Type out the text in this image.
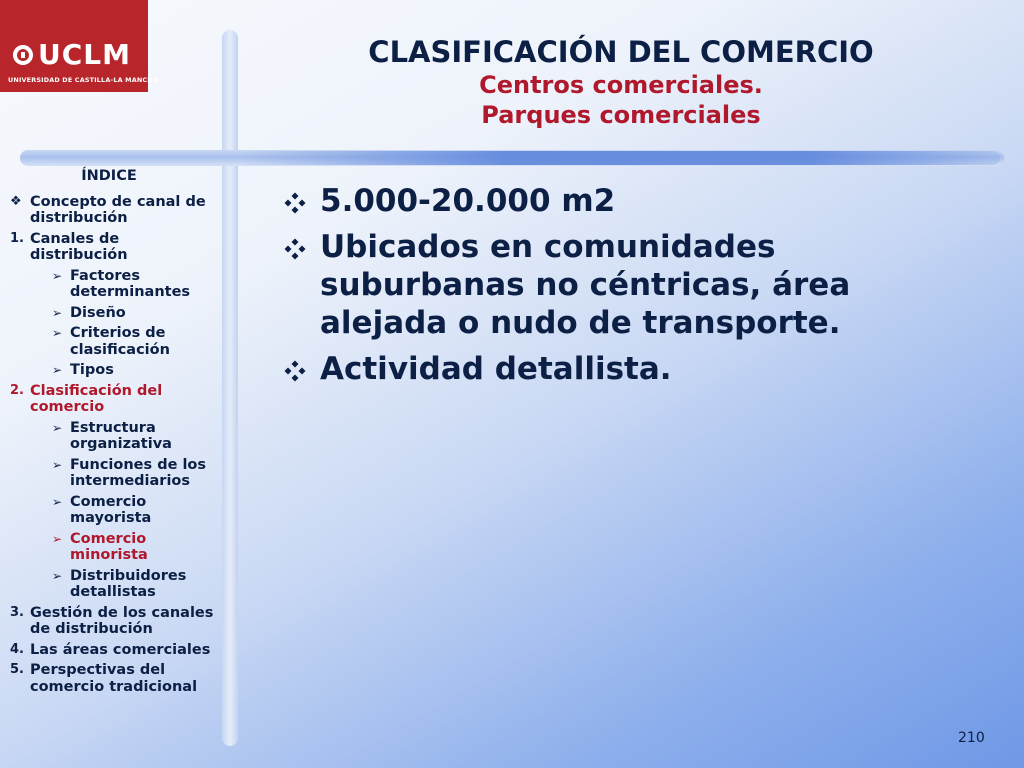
UCLM
UNIVERSIDAD DE CASTILLA-LA MANCHA

CLASIFICACIÓN DEL COMERCIO

Centros comerciales.

Parques comerciales

ÍNDICE
❖ Concepto de canal de distribución
1. Canales de distribución
➢ Factores determinantes
➢ Diseño
➢ Criterios de clasificación
➢ Tipos
2. Clasificación del comercio
➢ Estructura organizativa
➢ Funciones de los intermediarios
➢ Comercio mayorista
➢ Comercio minorista
➢ Distribuidores detallistas
3. Gestión de los canales de distribución
4. Las áreas comerciales
5. Perspectivas del comercio tradicional
5.000-20.000 m2
Ubicados en comunidades suburbanas no céntricas, área alejada o nudo de transporte.
Actividad detallista.
210
